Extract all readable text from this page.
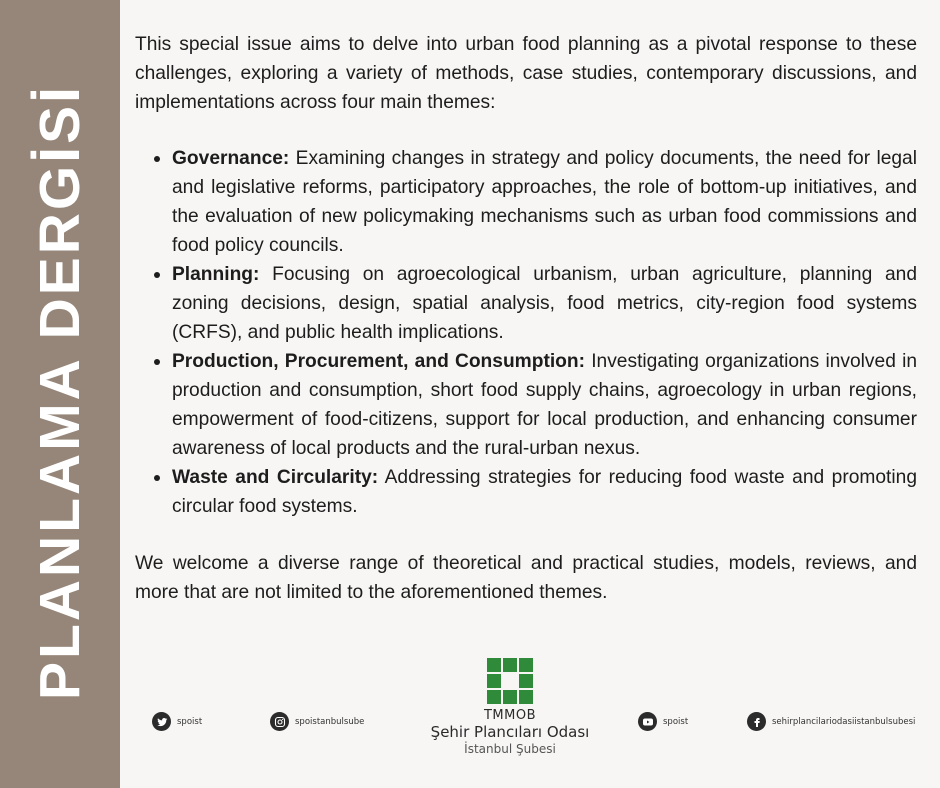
PLANLAMA DERGİSİ

This special issue aims to delve into urban food planning as a pivotal response to these challenges, exploring a variety of methods, case studies, contemporary discussions, and implementations across four main themes:

Governance: Examining changes in strategy and policy documents, the need for legal and legislative reforms, participatory approaches, the role of bottom-up initiatives, and the evaluation of new policymaking mechanisms such as urban food commissions and food policy councils.
Planning: Focusing on agroecological urbanism, urban agriculture, planning and zoning decisions, design, spatial analysis, food metrics, city-region food systems (CRFS), and public health implications.
Production, Procurement, and Consumption: Investigating organizations involved in production and consumption, short food supply chains, agroecology in urban regions, empowerment of food-citizens, support for local production, and enhancing consumer awareness of local products and the rural-urban nexus.
Waste and Circularity: Addressing strategies for reducing food waste and promoting circular food systems.

We welcome a diverse range of theoretical and practical studies, models, reviews, and more that are not limited to the aforementioned themes.

spoist	spoistanbulsube	TMMOB
Şehir Plancıları Odası
İstanbul Şubesi
spoist	sehirplancilariodasiistanbulsubesi
